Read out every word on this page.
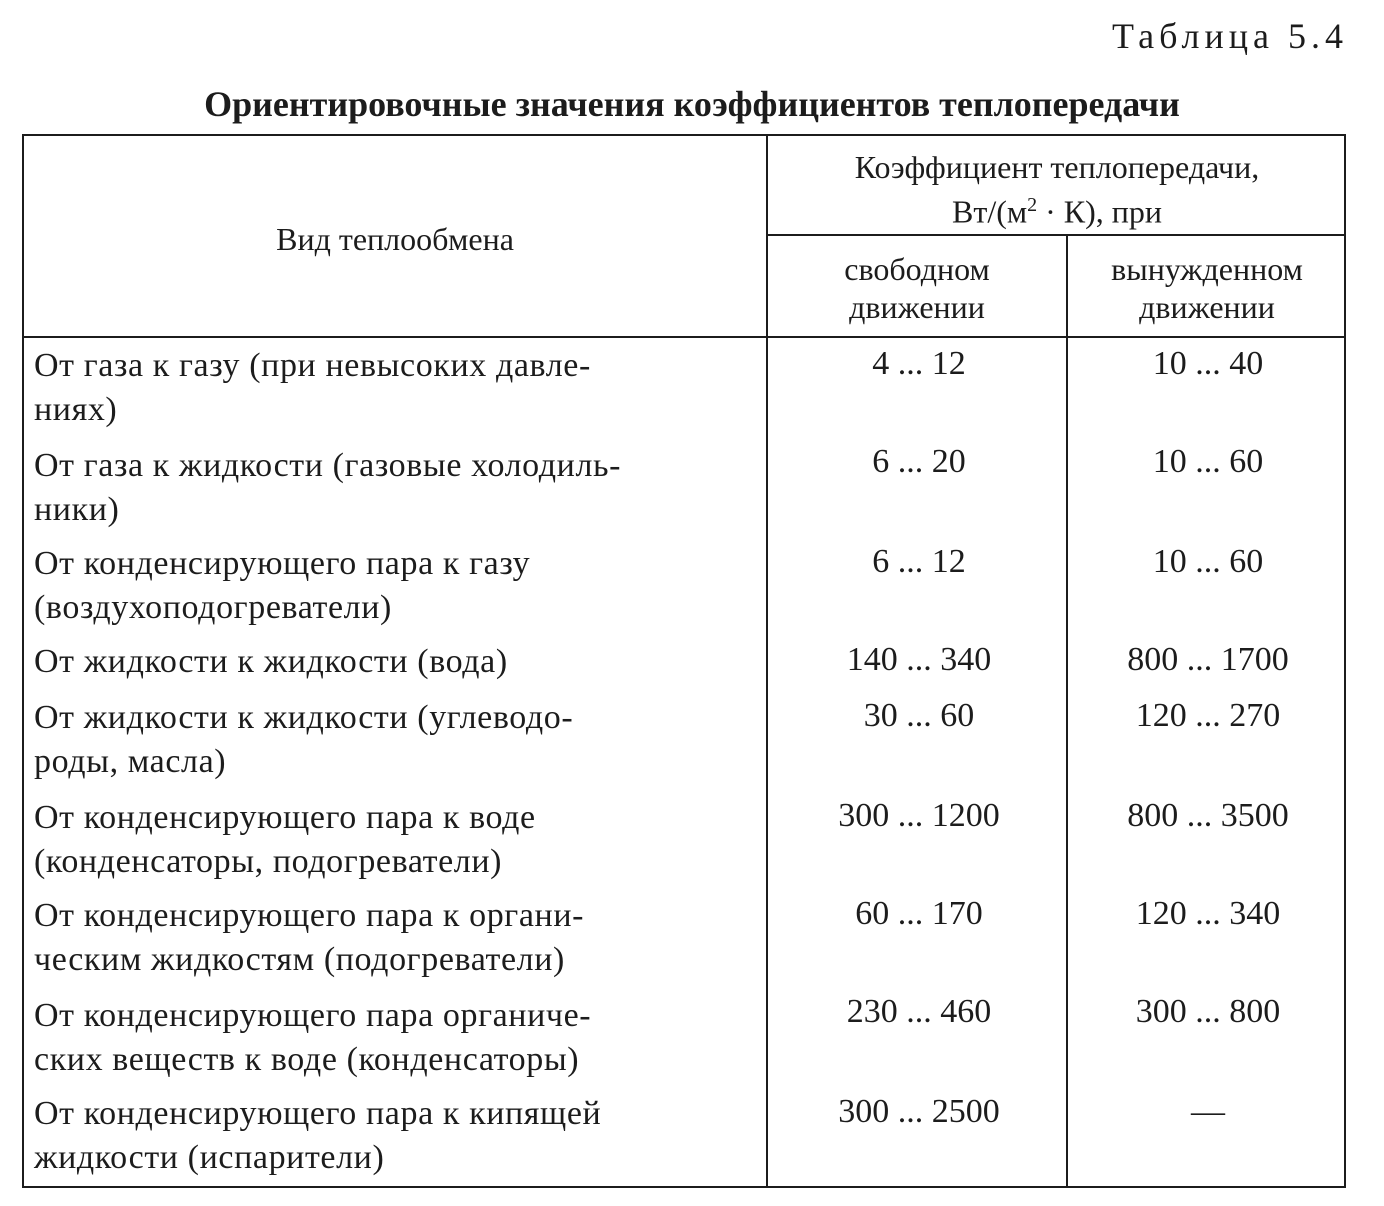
Таблица 5.4
Ориентировочные значения коэффициентов теплопередачи
Вид теплообмена
Коэффициент теплопередачи,
$Вт/(м^2 \cdot К)$, при
свободном
движении
вынужденном
движении
От газа к газу (при невысоких давле-
ниях)
4 ... 12	10 ... 40
От газа к жидкости (газовые холодиль-
ники)
6 ... 20	10 ... 60
От конденсирующего пара к газу
(воздухоподогреватели)
6 ... 12	10 ... 60
От жидкости к жидкости (вода)	140 ... 340	800 ... 1700
От жидкости к жидкости (углеводо-
роды, масла)
30 ... 60	120 ... 270
От конденсирующего пара к воде
(конденсаторы, подогреватели)
300 ... 1200	800 ... 3500
От конденсирующего пара к органи-
ческим жидкостям (подогреватели)
60 ... 170	120 ... 340
От конденсирующего пара органиче-
ских веществ к воде (конденсаторы)
230 ... 460	300 ... 800
От конденсирующего пара к кипящей
жидкости (испарители)
300 ... 2500	—
